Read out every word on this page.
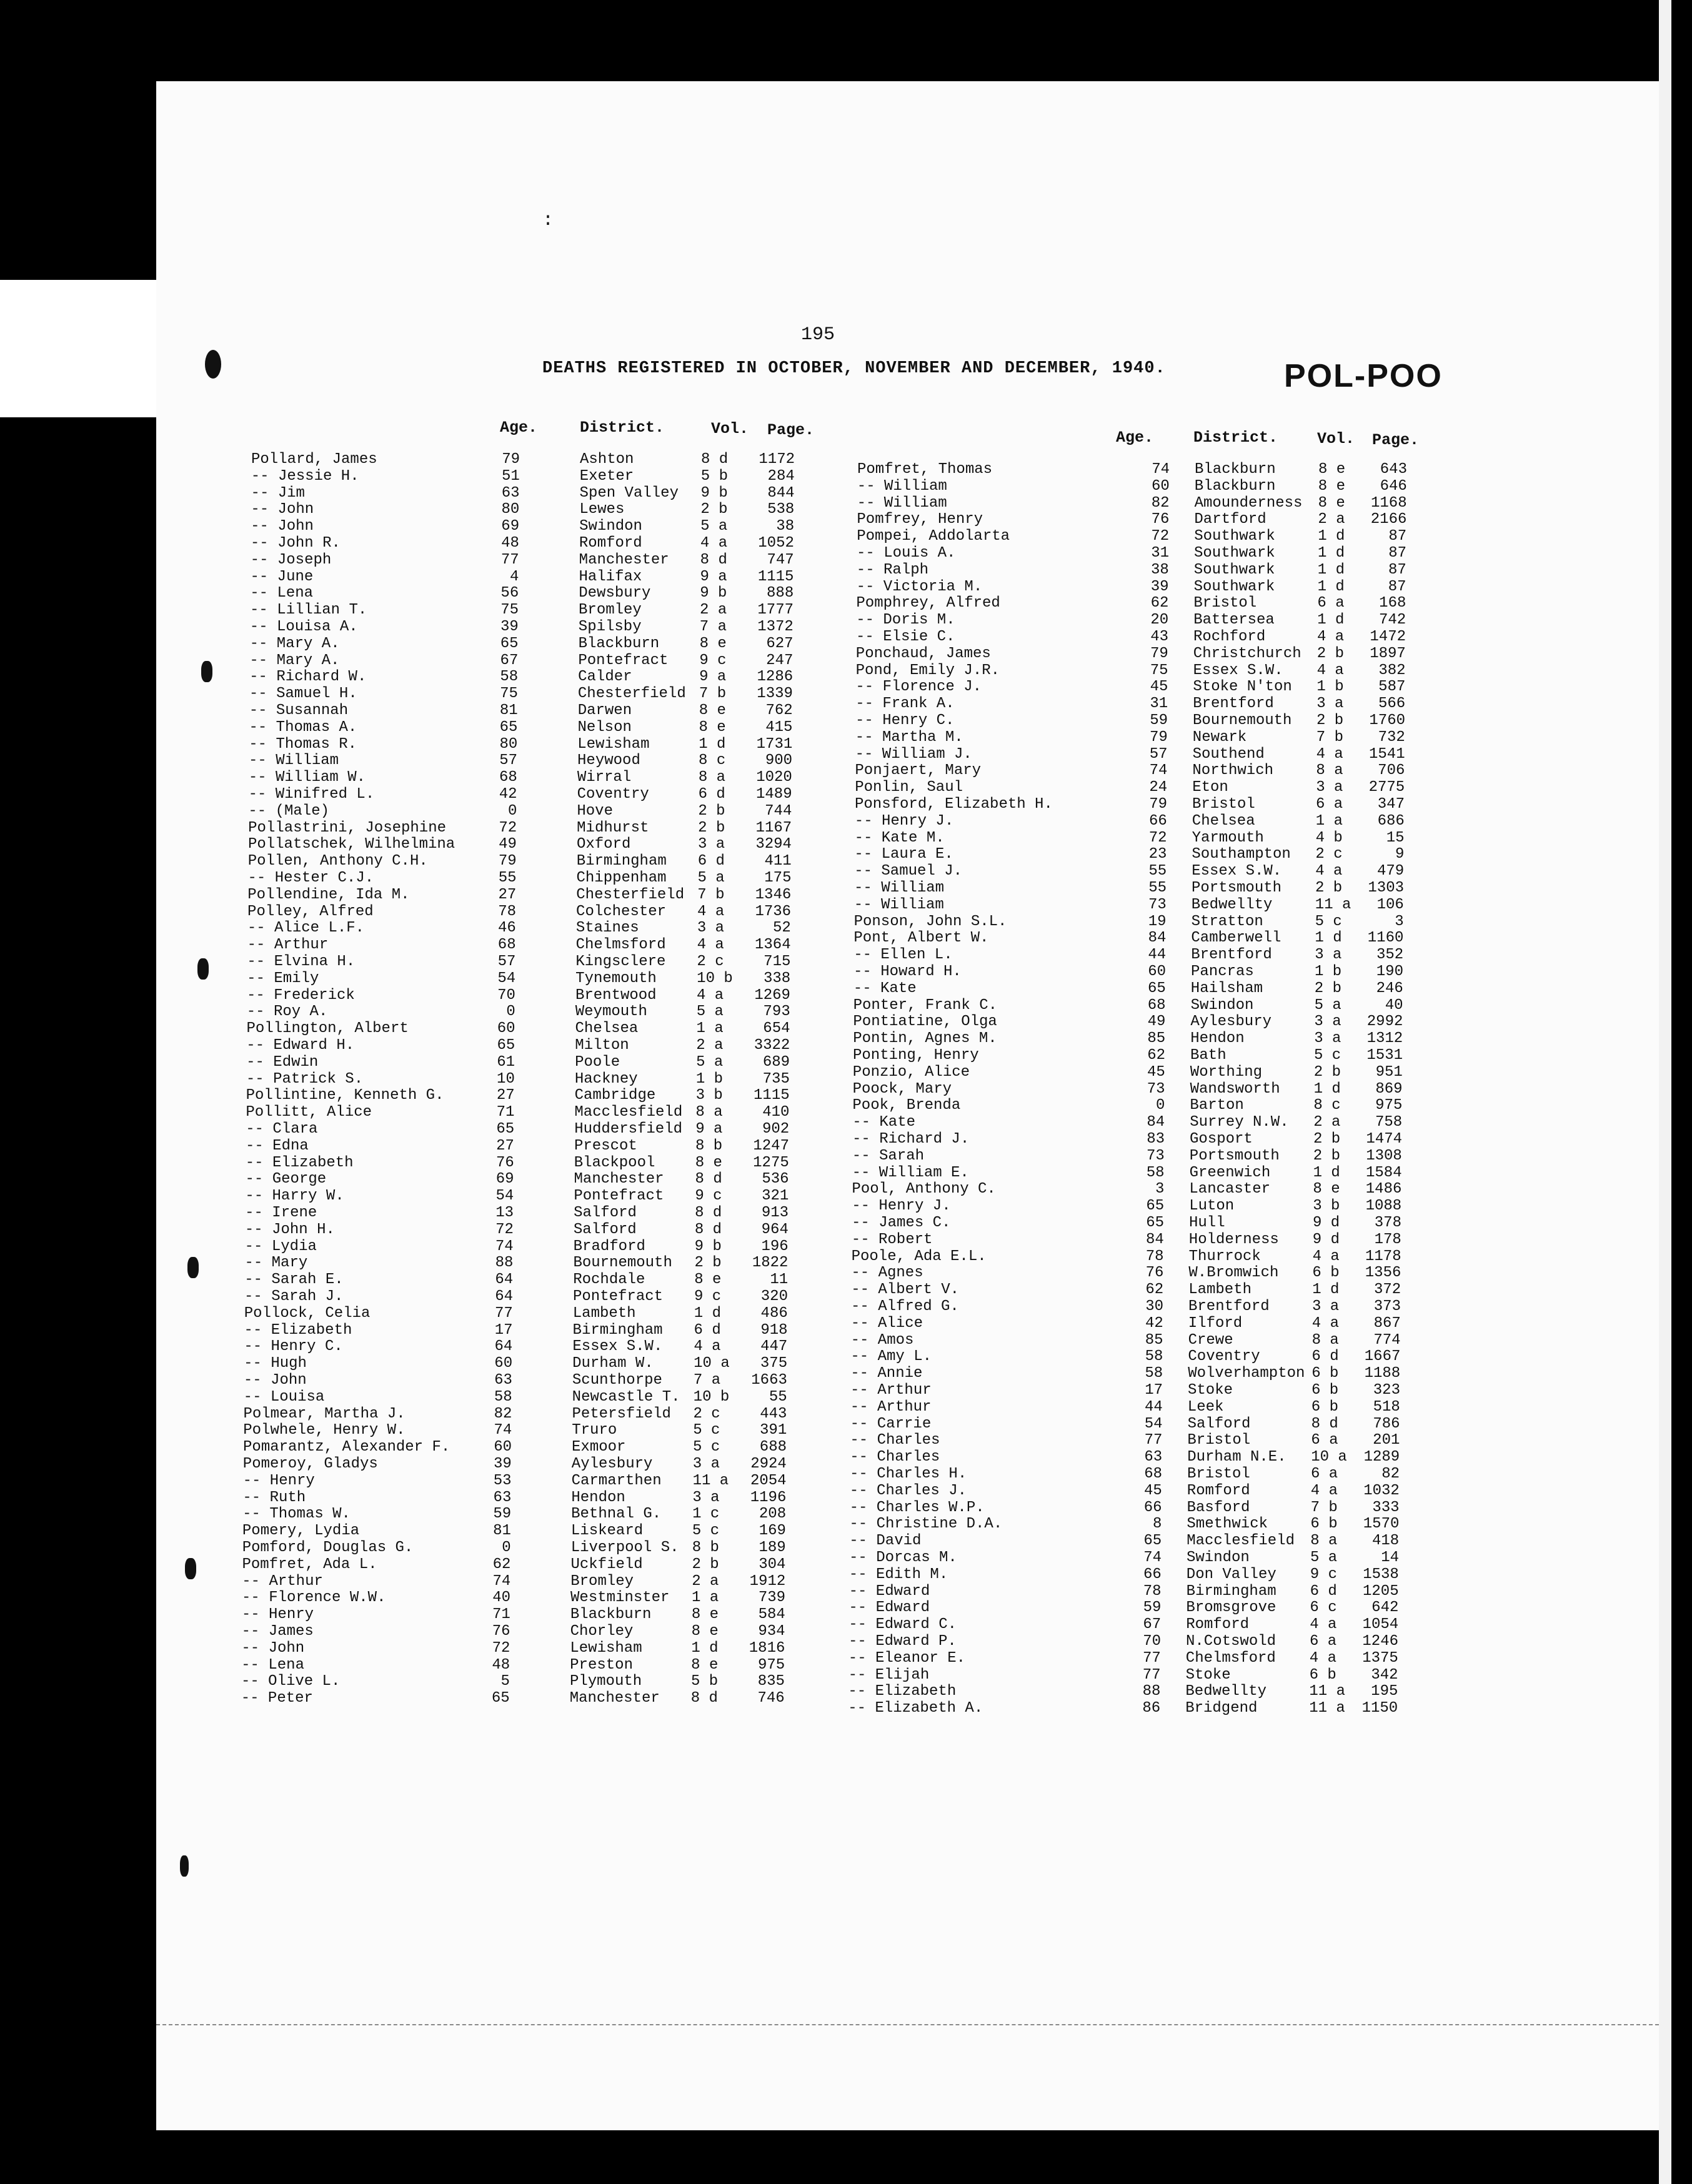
:
195
DEATHS REGISTERED IN OCTOBER, NOVEMBER AND DECEMBER, 1940.	POL-POO
Age.	District.	Vol. Page.	Age.	District.	Vol. Page.
Pollard, James	79	Ashton	8 d	1172
-- Jessie H.	51	Exeter	5 b	284
-- Jim	63	Spen Valley 9 b	844
-- John	80	Lewes	2 b	538
-- John	69	Swindon	5 a	38
-- John R.	48	Romford	4 a	1052
-- Joseph	77	Manchester 8 d	747
-- June	4	Halifax	9 a	1115
-- Lena	56	Dewsbury	9 b	888
-- Lillian T.	75	Bromley	2 a	1777
-- Louisa A.	39	Spilsby	7 a	1372
-- Mary A.	65	Blackburn	8 e	627
-- Mary A.	67	Pontefract 9 c	247
-- Richard W.	58	Calder	9 a	1286
-- Samuel H.	75	Chesterfield 7 b	1339
-- Susannah	81	Darwen	8 e	762
-- Thomas A.	65	Nelson	8 e	415
-- Thomas R.	80	Lewisham	1 d	1731
-- William	57	Heywood	8 c	900
-- William W.	68	Wirral	8 a	1020
-- Winifred L.	42	Coventry	6 d	1489
-- (Male)	0	Hove	2 b	744
Pollastrini, Josephine	72	Midhurst	2 b	1167
Pollatschek, Wilhelmina	49	Oxford	3 a	3294
Pollen, Anthony C.H.	79	Birmingham 6 d	411
-- Hester C.J.	55	Chippenham 5 a	175
Pollendine, Ida M.	27	Chesterfield 7 b	1346
Polley, Alfred	78	Colchester 4 a	1736
-- Alice L.F.	46	Staines	3 a	52
-- Arthur	68	Chelmsford 4 a	1364
-- Elvina H.	57	Kingsclere 2 c	715
-- Emily	54	Tynemouth	10 b	338
-- Frederick	70	Brentwood	4 a	1269
-- Roy A.	0	Weymouth	5 a	793
Pollington, Albert	60	Chelsea	1 a	654
-- Edward H.	65	Milton	2 a	3322
-- Edwin	61	Poole	5 a	689
-- Patrick S.	10	Hackney	1 b	735
Pollintine, Kenneth G.	27	Cambridge	3 b	1115
Pollitt, Alice	71	Macclesfield 8 a	410
-- Clara	65	Huddersfield 9 a	902
-- Edna	27	Prescot	8 b	1247
-- Elizabeth	76	Blackpool	8 e	1275
-- George	69	Manchester 8 d	536
-- Harry W.	54	Pontefract 9 c	321
-- Irene	13	Salford	8 d	913
-- John H.	72	Salford	8 d	964
-- Lydia	74	Bradford	9 b	196
-- Mary	88	Bournemouth 2 b	1822
-- Sarah E.	64	Rochdale	8 e	11
-- Sarah J.	64	Pontefract 9 c	320
Pollock, Celia	77	Lambeth	1 d	486
-- Elizabeth	17	Birmingham 6 d	918
-- Henry C.	64	Essex S.W. 4 a	447
-- Hugh	60	Durham W.	10 a	375
-- John	63	Scunthorpe 7 a	1663
-- Louisa	58	Newcastle T. 10 b	55
Polmear, Martha J.	82	Petersfield 2 c	443
Polwhele, Henry W.	74	Truro	5 c	391
Pomarantz, Alexander F.	60	Exmoor	5 c	688
Pomeroy, Gladys	39	Aylesbury	3 a	2924
-- Henry	53	Carmarthen 11 a	2054
-- Ruth	63	Hendon	3 a	1196
-- Thomas W.	59	Bethnal G. 1 c	208
Pomery, Lydia	81	Liskeard	5 c	169
Pomford, Douglas G.	0	Liverpool S. 8 b	189
Pomfret, Ada L.	62	Uckfield	2 b	304
-- Arthur	74	Bromley	2 a	1912
-- Florence W.W.	40	Westminster 1 a	739
-- Henry	71	Blackburn	8 e	584
-- James	76	Chorley	8 e	934
-- John	72	Lewisham	1 d	1816
-- Lena	48	Preston	8 e	975
-- Olive L.	5	Plymouth	5 b	835
-- Peter	65	Manchester 8 d	746
Pomfret, Thomas	74 Blackburn	8 e	643
-- William	60 Blackburn	8 e	646
-- William	82 Amounderness 8 e	1168
Pomfrey, Henry	76 Dartford	2 a	2166
Pompei, Addolarta	72 Southwark	1 d	87
-- Louis A.	31 Southwark	1 d	87
-- Ralph	38 Southwark	1 d	87
-- Victoria M.	39 Southwark	1 d	87
Pomphrey, Alfred	62 Bristol	6 a	168
-- Doris M.	20 Battersea	1 d	742
-- Elsie C.	43 Rochford	4 a	1472
Ponchaud, James	79 Christchurch 2 b	1897
Pond, Emily J.R.	75 Essex S.W. 4 a	382
-- Florence J.	45 Stoke N'ton 1 b	587
-- Frank A.	31 Brentford	3 a	566
-- Henry C.	59 Bournemouth 2 b	1760
-- Martha M.	79 Newark	7 b	732
-- William J.	57 Southend	4 a	1541
Ponjaert, Mary	74 Northwich	8 a	706
Ponlin, Saul	24 Eton	3 a	2775
Ponsford, Elizabeth H.	79 Bristol	6 a	347
-- Henry J.	66 Chelsea	1 a	686
-- Kate M.	72 Yarmouth	4 b	15
-- Laura E.	23 Southampton 2 c	9
-- Samuel J.	55 Essex S.W. 4 a	479
-- William	55 Portsmouth 2 b	1303
-- William	73 Bedwellty	11 a	106
Ponson, John S.L.	19 Stratton	5 c	3
Pont, Albert W.	84 Camberwell 1 d	1160
-- Ellen L.	44 Brentford	3 a	352
-- Howard H.	60 Pancras	1 b	190
-- Kate	65 Hailsham	2 b	246
Ponter, Frank C.	68 Swindon	5 a	40
Pontiatine, Olga	49 Aylesbury	3 a	2992
Pontin, Agnes M.	85 Hendon	3 a	1312
Ponting, Henry	62 Bath	5 c	1531
Ponzio, Alice	45 Worthing	2 b	951
Poock, Mary	73 Wandsworth 1 d	869
Pook, Brenda	0 Barton	8 c	975
-- Kate	84 Surrey N.W. 2 a	758
-- Richard J.	83 Gosport	2 b	1474
-- Sarah	73 Portsmouth 2 b	1308
-- William E.	58 Greenwich	1 d	1584
Pool, Anthony C.	3 Lancaster	8 e	1486
-- Henry J.	65 Luton	3 b	1088
-- James C.	65 Hull	9 d	378
-- Robert	84 Holderness 9 d	178
Poole, Ada E.L.	78 Thurrock	4 a	1178
-- Agnes	76 W.Bromwich 6 b	1356
-- Albert V.	62 Lambeth	1 d	372
-- Alfred G.	30 Brentford	3 a	373
-- Alice	42 Ilford	4 a	867
-- Amos	85 Crewe	8 a	774
-- Amy L.	58 Coventry	6 d	1667
-- Annie	58 Wolverhampton 6 b	1188
-- Arthur	17 Stoke	6 b	323
-- Arthur	44 Leek	6 b	518
-- Carrie	54 Salford	8 d	786
-- Charles	77 Bristol	6 a	201
-- Charles	63 Durham N.E. 10 a	1289
-- Charles H.	68 Bristol	6 a	82
-- Charles J.	45 Romford	4 a	1032
-- Charles W.P.	66 Basford	7 b	333
-- Christine D.A.	8 Smethwick	6 b	1570
-- David	65 Macclesfield 8 a	418
-- Dorcas M.	74 Swindon	5 a	14
-- Edith M.	66 Don Valley 9 c	1538
-- Edward	78 Birmingham 6 d	1205
-- Edward	59 Bromsgrove 6 c	642
-- Edward C.	67 Romford	4 a	1054
-- Edward P.	70 N.Cotswold 6 a	1246
-- Eleanor E.	77 Chelmsford 4 a	1375
-- Elijah	77 Stoke	6 b	342
-- Elizabeth	88 Bedwellty	11 a	195
-- Elizabeth A.	86 Bridgend	11 a	1150
